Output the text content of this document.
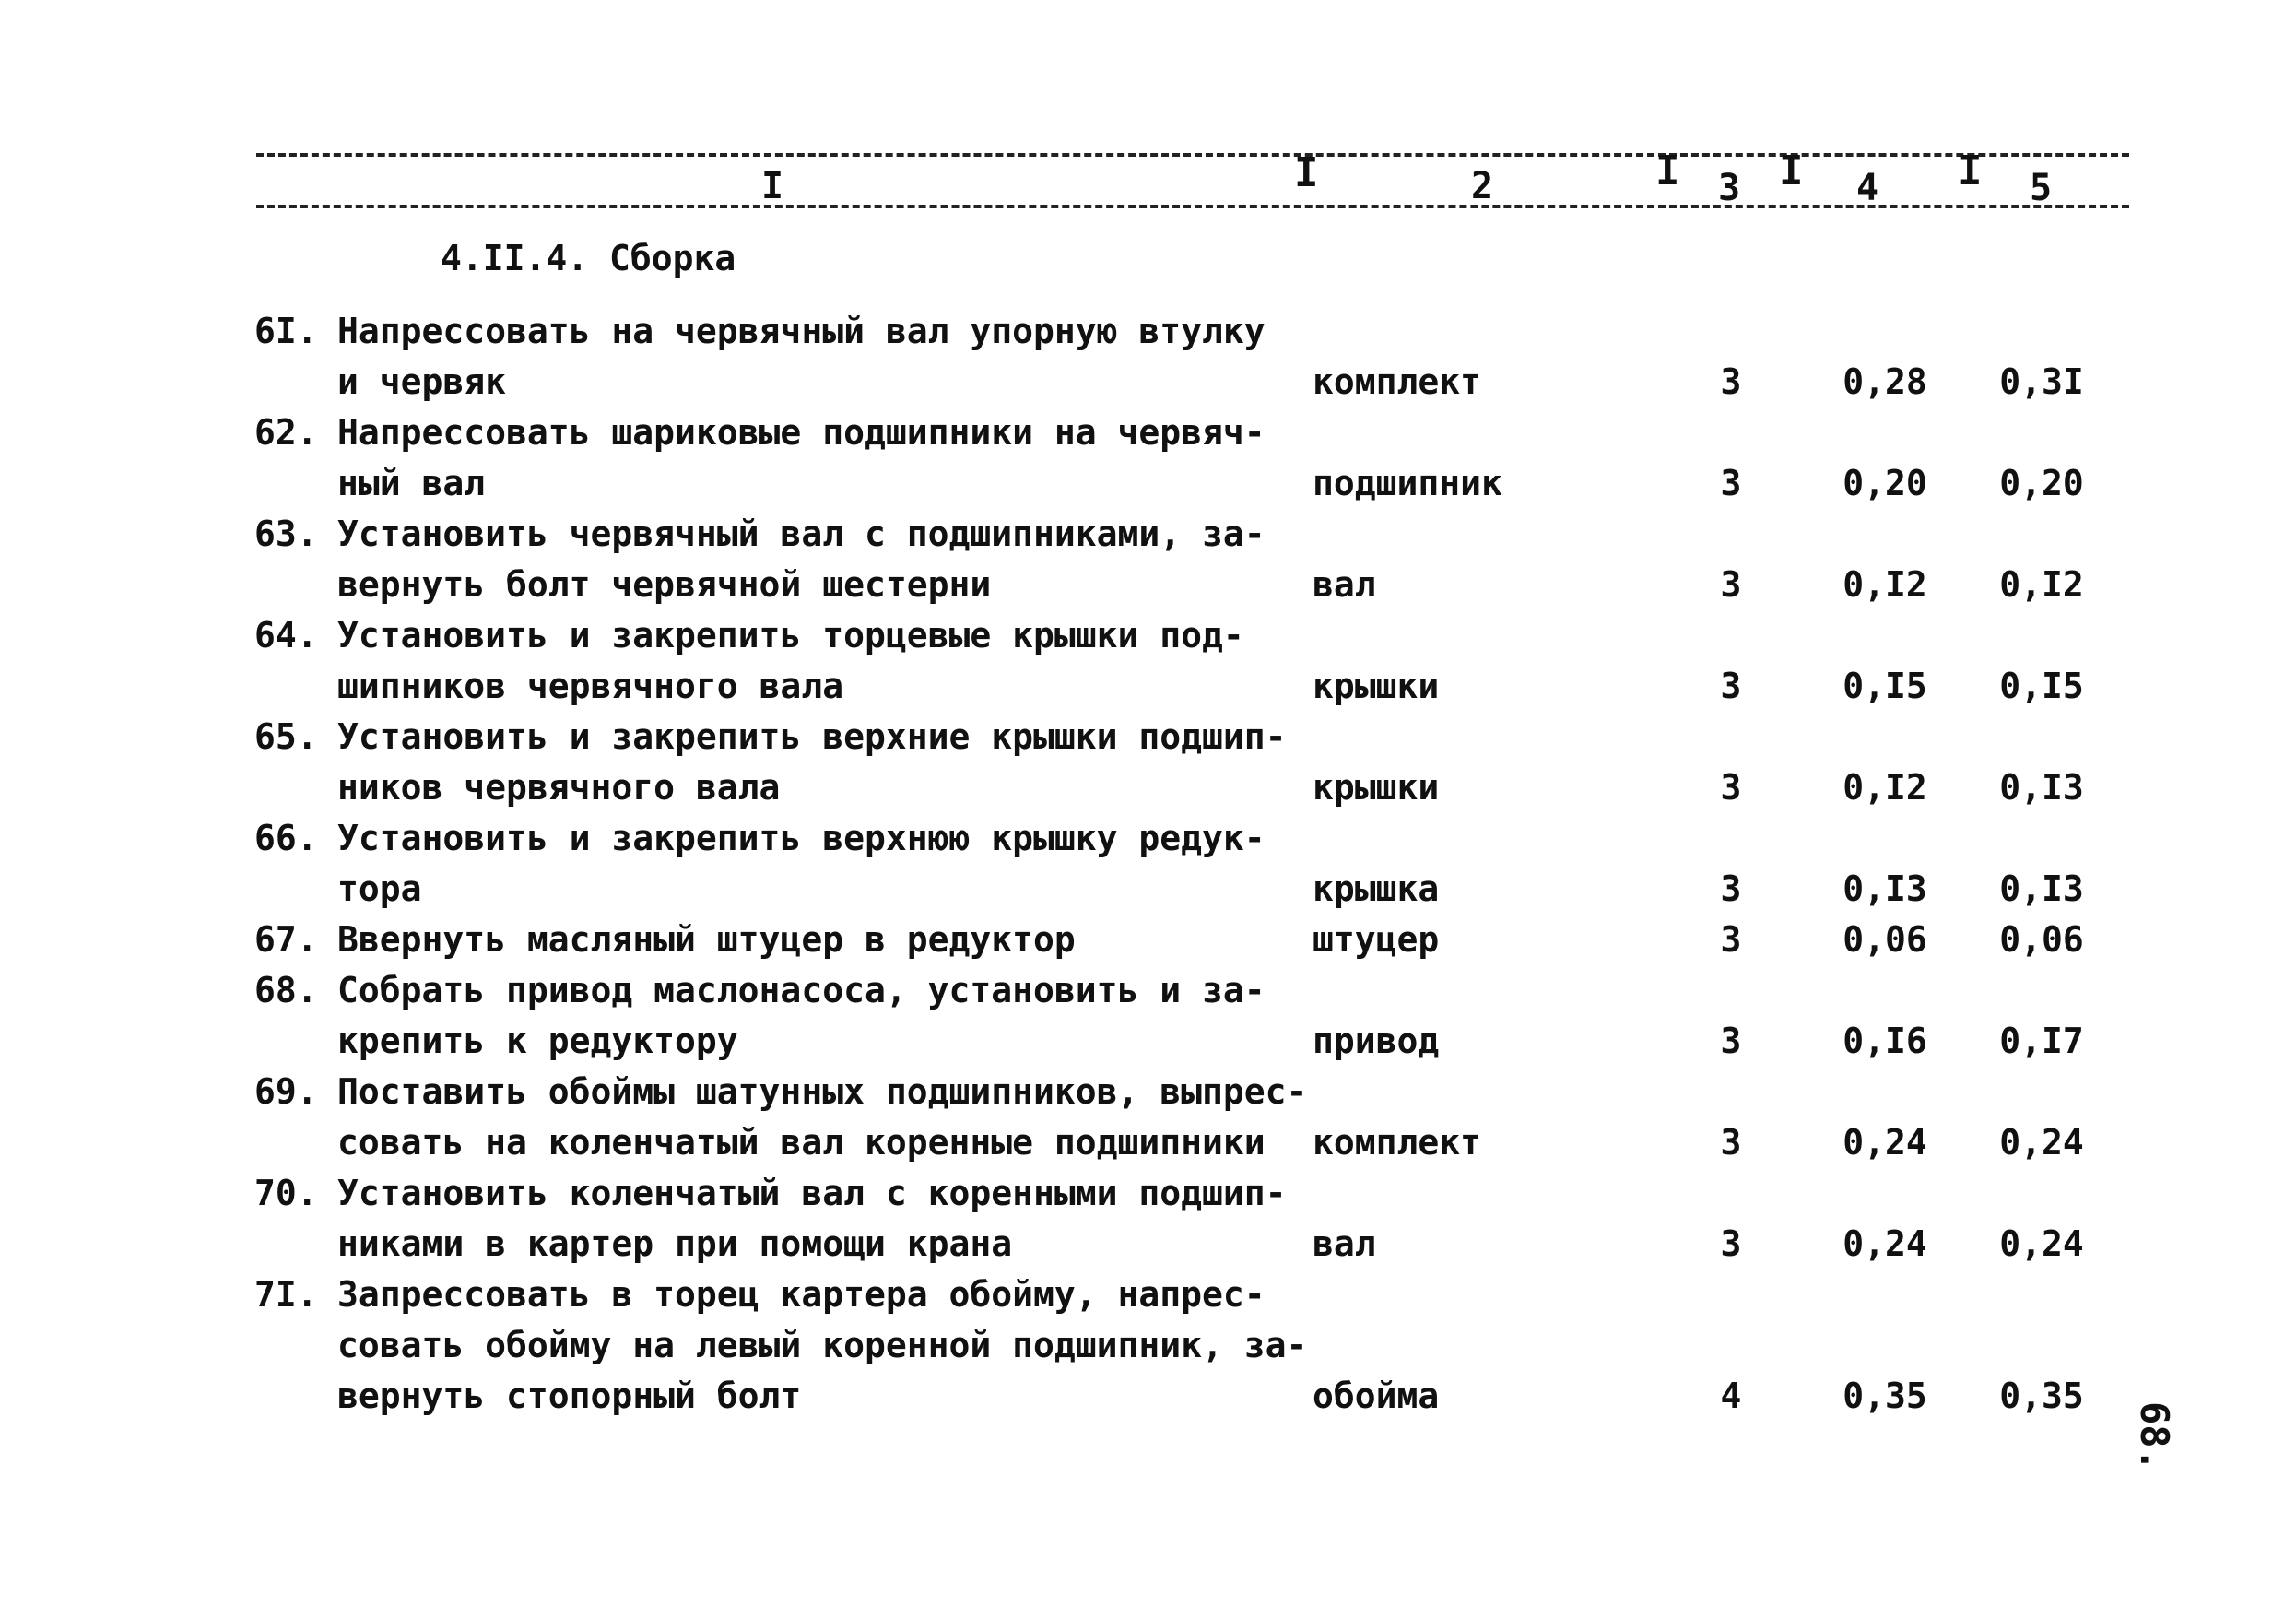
I	I	2	I 3 I 4 I 5
4.II.4. Сборка
6I. Напрессовать на червячный вал упорную втулку
и червяк	комплект	3	0,28 0,3I
62. Напрессовать шариковые подшипники на червяч-
ный вал	подшипник	3	0,20 0,20
63. Установить червячный вал с подшипниками, за-
вернуть болт червячной шестерни	вал	3	0,I2 0,I2
64. Установить и закрепить торцевые крышки под-
шипников червячного вала	крышки	3	0,I5 0,I5
65. Установить и закрепить верхние крышки подшип-
ников червячного вала	крышки	3	0,I2 0,I3
66. Установить и закрепить верхнюю крышку редук-
тора	крышка	3	0,I3 0,I3
67. Ввернуть масляный штуцер в редуктор	штуцер	3	0,06 0,06
68. Собрать привод маслонасоса, установить и за-
крепить к редуктору	привод	3	0,I6 0,I7
69. Поставить обоймы шатунных подшипников, выпрес-
совать на коленчатый вал коренные подшипники	комплект	3	0,24 0,24
70. Установить коленчатый вал с коренными подшип-
никами в картер при помощи крана	вал	3	0,24 0,24
7I. Запрессовать в торец картера обойму, напрес-
совать обойму на левый коренной подшипник, за-
вернуть стопорный болт	обойма	4	0,35 0,35
68.
